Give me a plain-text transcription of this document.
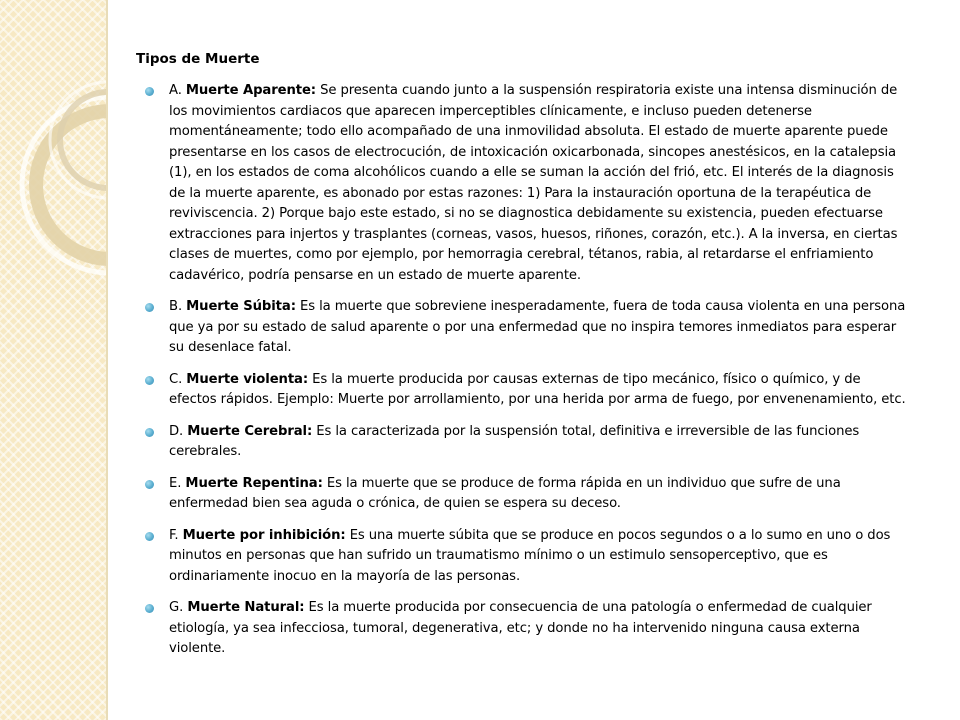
Tipos de Muerte
A. Muerte Aparente: Se presenta cuando junto a la suspensión respiratoria existe una intensa disminución de los movimientos cardiacos que aparecen imperceptibles clínicamente, e incluso pueden detenerse momentáneamente; todo ello acompañado de una inmovilidad absoluta. El estado de muerte aparente puede presentarse en los casos de electrocución, de intoxicación oxicarbonada, sincopes anestésicos, en la catalepsia (1), en los estados de coma alcohólicos cuando a elle se suman la acción del frió, etc. El interés de la diagnosis de la muerte aparente, es abonado por estas razones: 1) Para la instauración oportuna de la terapéutica de reviviscencia. 2) Porque bajo este estado, si no se diagnostica debidamente su existencia, pueden efectuarse extracciones para injertos y trasplantes (corneas, vasos, huesos, riñones, corazón, etc.). A la inversa, en ciertas clases de muertes, como por ejemplo, por hemorragia cerebral, tétanos, rabia, al retardarse el enfriamiento cadavérico, podría pensarse en un estado de muerte aparente.
B. Muerte Súbita: Es la muerte que sobreviene inesperadamente, fuera de toda causa violenta en una persona que ya por su estado de salud aparente o por una enfermedad que no inspira temores inmediatos para esperar su desenlace fatal.
C. Muerte violenta: Es la muerte producida por causas externas de tipo mecánico, físico o químico, y de efectos rápidos. Ejemplo: Muerte por arrollamiento, por una herida por arma de fuego, por envenenamiento, etc.
D. Muerte Cerebral: Es la caracterizada por la suspensión total, definitiva e irreversible de las funciones cerebrales.
E. Muerte Repentina: Es la muerte que se produce de forma rápida en un individuo que sufre de una enfermedad bien sea aguda o crónica, de quien se espera su deceso.
F. Muerte por inhibición: Es una muerte súbita que se produce en pocos segundos o a lo sumo en uno o dos minutos en personas que han sufrido un traumatismo mínimo o un estimulo sensoperceptivo, que es ordinariamente inocuo en la mayoría de las personas.
G. Muerte Natural: Es la muerte producida por consecuencia de una patología o enfermedad de cualquier etiología, ya sea infecciosa, tumoral, degenerativa, etc; y donde no ha intervenido ninguna causa externa violente.
